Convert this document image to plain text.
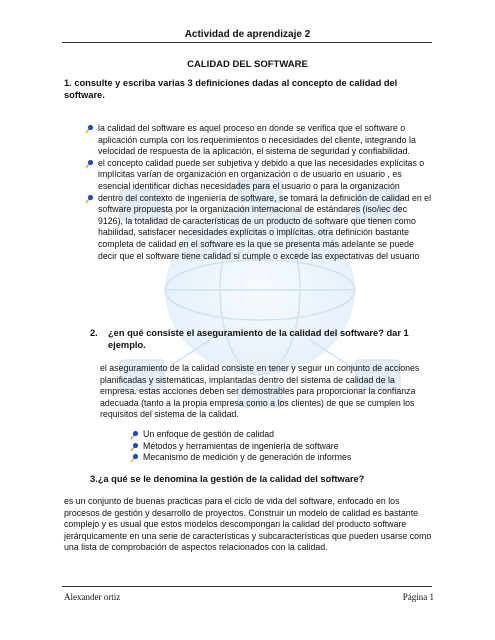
Actividad de aprendizaje 2
CALIDAD DEL SOFTWARE
1. consulte y escriba varias 3 definiciones dadas al concepto de calidad del software.
la calidad del software es aquel proceso en donde se verifica que el software o aplicación cumpla con los requerimientos o necesidades del cliente, integrando la velocidad de respuesta de la aplicación, el sistema de seguridad y confiabilidad.
el concepto calidad puede ser subjetiva y debido a que las necesidades explícitas o implícitas varían de organización en organización o de usuario en usuario , es esencial identificar dichas necesidades para el usuario o para la organización
dentro del contexto de ingeniería de software, se tomará la definición de calidad en el software propuesta por la organización internacional de estándares (iso/iec dec 9126), la totalidad de características de un producto de software que tienen como habilidad, satisfacer necesidades explícitas o implícitas. otra definición bastante completa de calidad en el software es la que se presenta más adelante se puede decir que el software tiene calidad si cumple o excede las expectativas del usuario
2.	¿en qué consiste el aseguramiento de la calidad del software? dar 1 ejemplo.
el aseguramiento de la calidad consiste en tener y seguir un conjunto de acciones planificadas y sistemáticas, implantadas dentro del sistema de calidad de la empresa. estas acciones deben ser demostrables para proporcionar la confianza adecuada (tanto a la propia empresa como a los clientes) de que se cumplen los requisitos del sistema de la calidad.
Un enfoque de gestión de calidad
Métodos y herramientas de ingeniería de software
Mecanismo de medición y de generación de informes
3.¿a qué se le denomina la gestión de la calidad del software?
es un conjunto de buenas practicas para el ciclo de vida del software, enfocado en los procesos de gestión y desarrollo de proyectos. Construir un modelo de calidad es bastante complejo y es usual que estos modelos descompongan la calidad del producto software jerárquicamente en una serie de características y subcaracterísticas que pueden usarse como una lista de comprobación de aspectos relacionados con la calidad.
Alexander ortiz	Página 1
